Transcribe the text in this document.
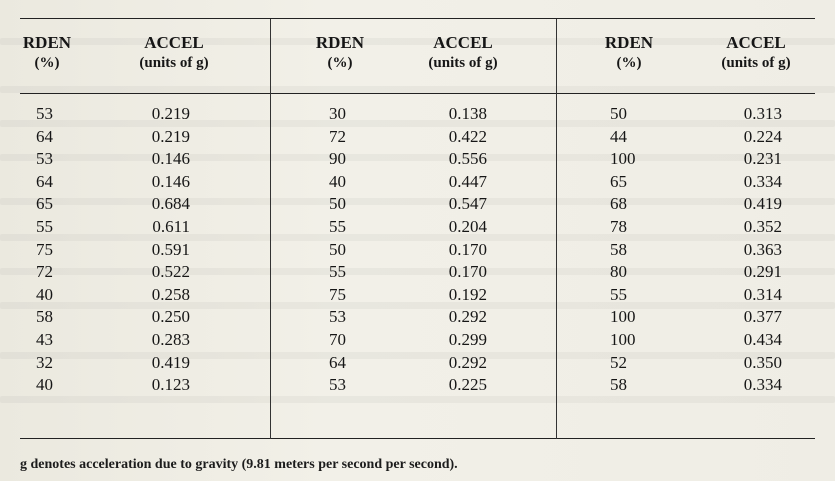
RDEN
(%)
ACCEL
(units of g)
RDEN
(%)
ACCEL
(units of g)
RDEN
(%)
ACCEL
(units of g)
53
64
53
64
65
55
75
72
40
58
43
32
40
0.219
0.219
0.146
0.146
0.684
0.611
0.591
0.522
0.258
0.250
0.283
0.419
0.123
30
72
90
40
50
55
50
55
75
53
70
64
53
0.138
0.422
0.556
0.447
0.547
0.204
0.170
0.170
0.192
0.292
0.299
0.292
0.225
50
44
100
65
68
78
58
80
55
100
100
52
58
0.313
0.224
0.231
0.334
0.419
0.352
0.363
0.291
0.314
0.377
0.434
0.350
0.334
g denotes acceleration due to gravity (9.81 meters per second per second).
